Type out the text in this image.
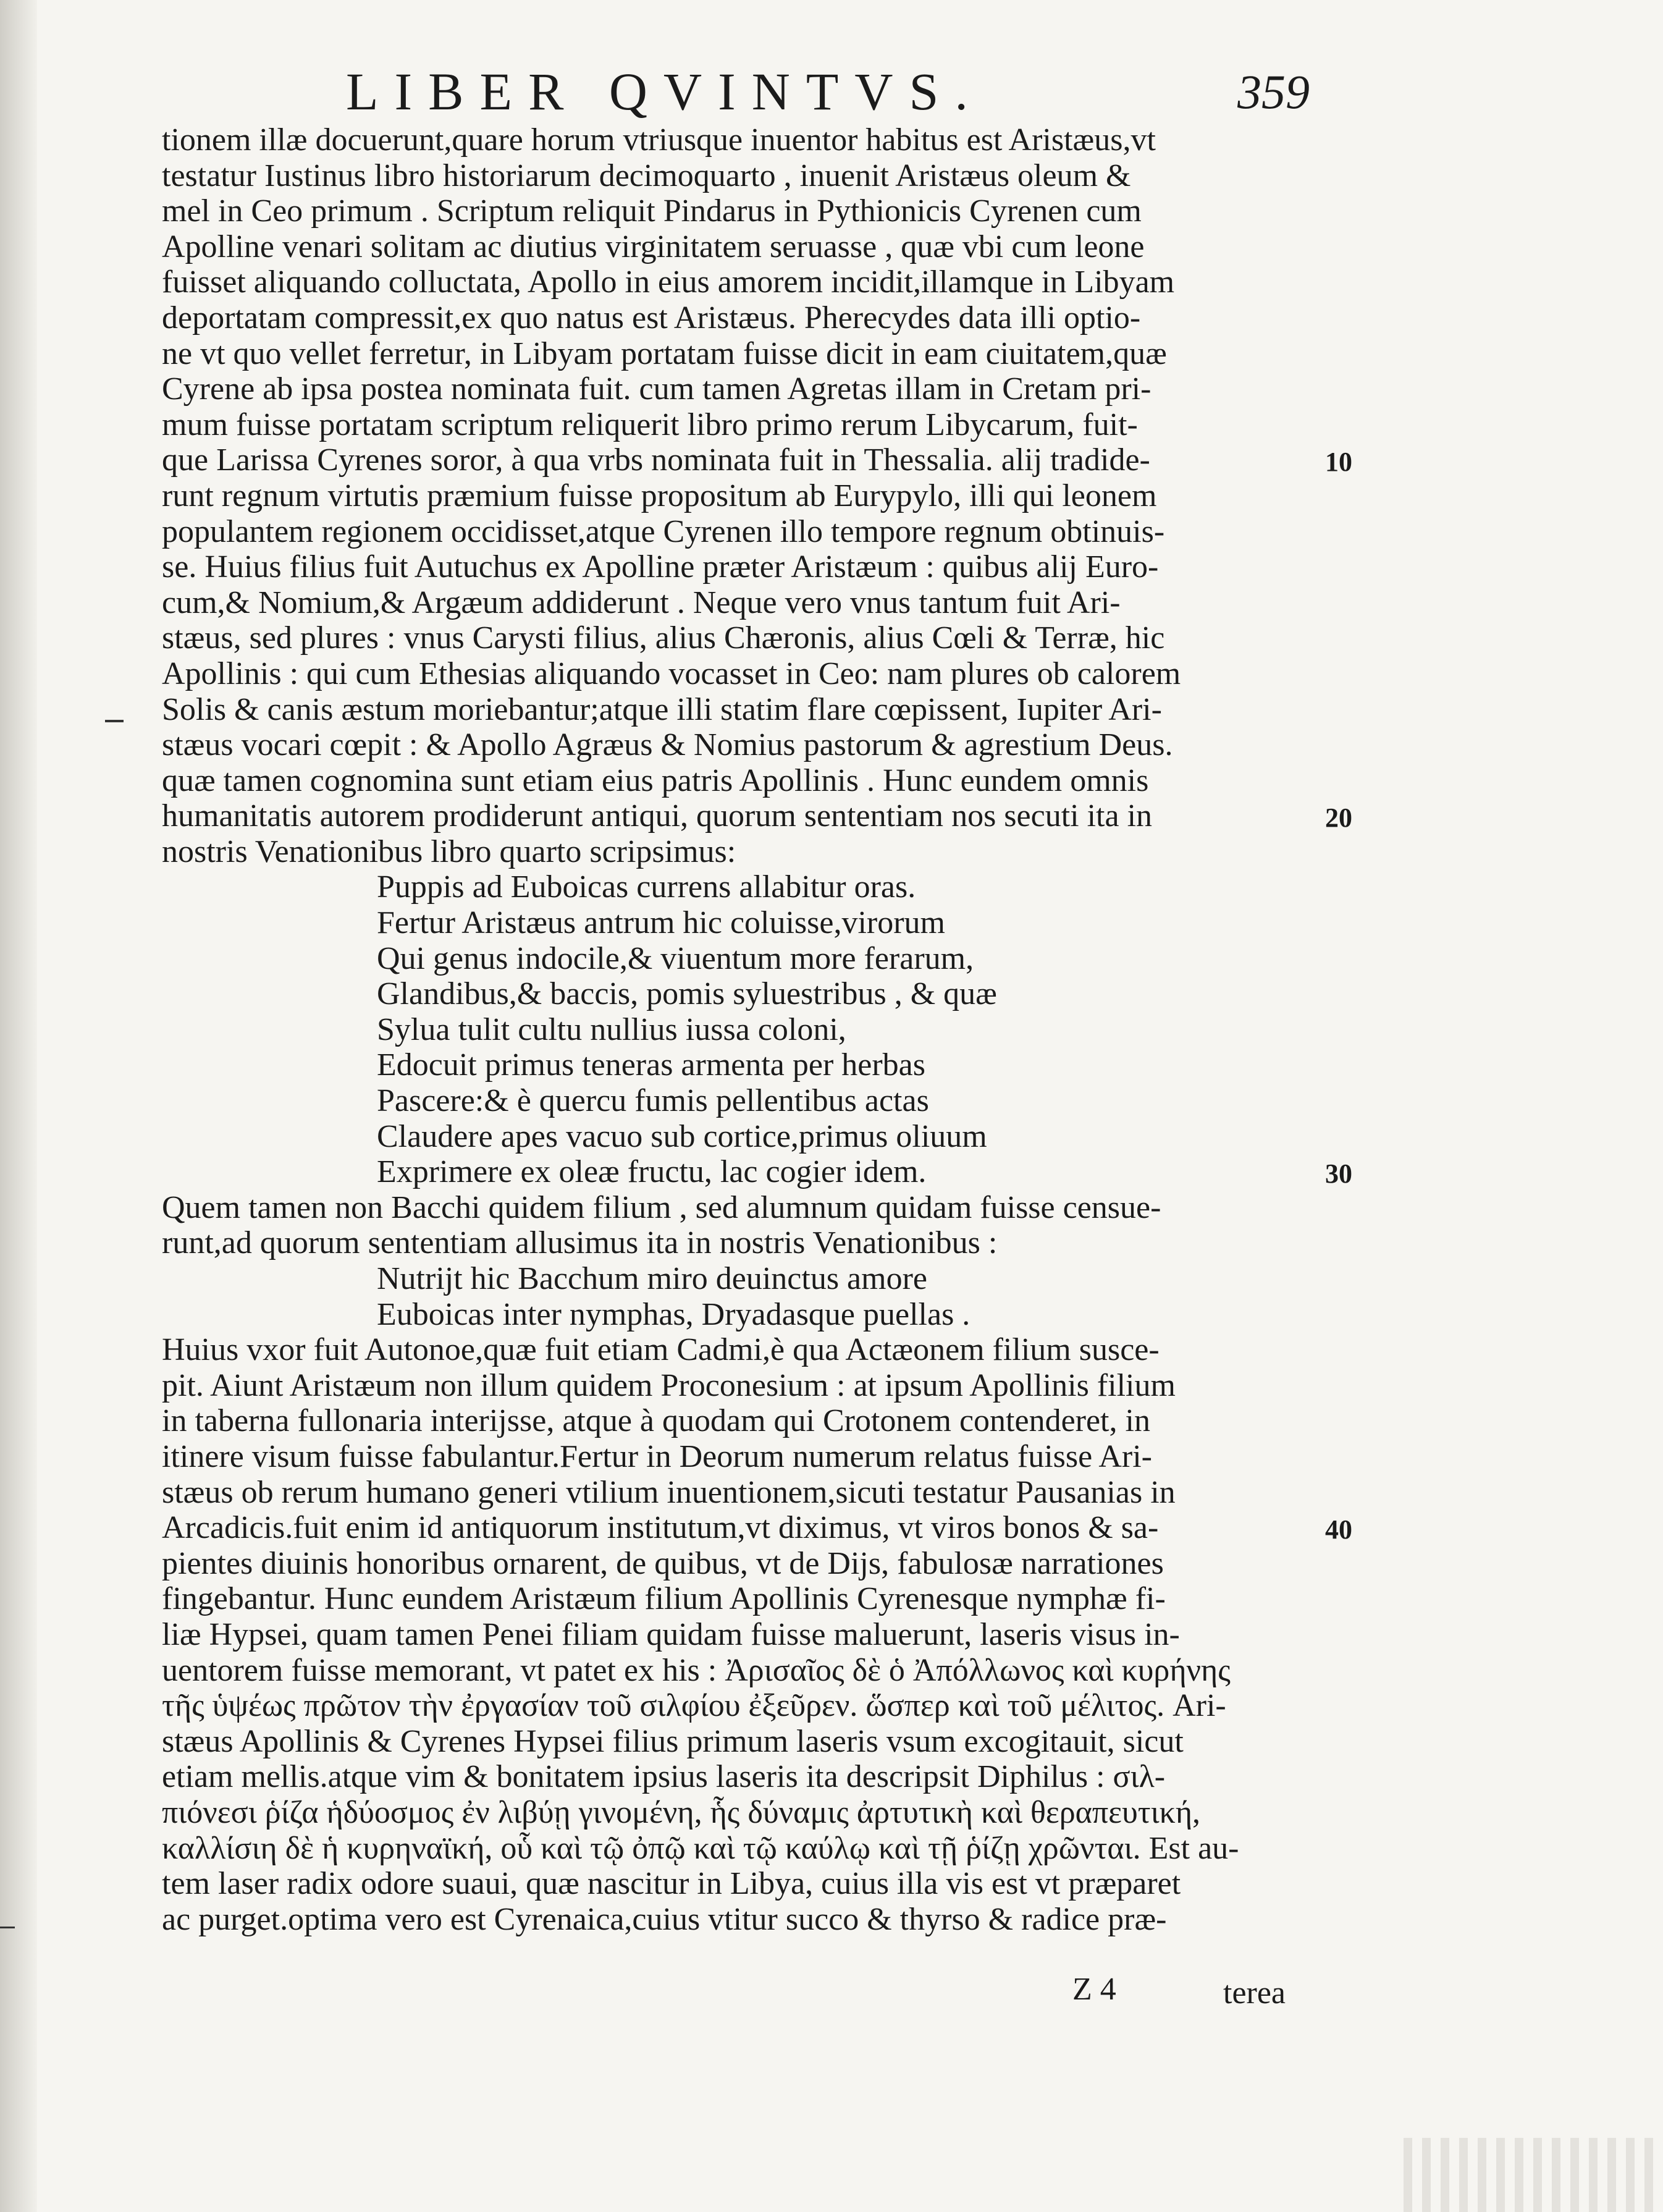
LIBER QVINTVS.	359
tionem illæ docuerunt,quare horum vtriusque inuentor habitus est Aristæus,vt
testatur Iustinus libro historiarum decimoquarto , inuenit Aristæus oleum &
mel in Ceo primum . Scriptum reliquit Pindarus in Pythionicis Cyrenen cum
Apolline venari solitam ac diutius virginitatem seruasse , quæ vbi cum leone
fuisset aliquando colluctata, Apollo in eius amorem incidit,illamque in Libyam
deportatam compressit,ex quo natus est Aristæus. Pherecydes data illi optio-
ne vt quo vellet ferretur, in Libyam portatam fuisse dicit in eam ciuitatem,quæ
Cyrene ab ipsa postea nominata fuit. cum tamen Agretas illam in Cretam pri-
mum fuisse portatam scriptum reliquerit libro primo rerum Libycarum, fuit-
que Larissa Cyrenes soror, à qua vrbs nominata fuit in Thessalia. alij tradide-
runt regnum virtutis præmium fuisse propositum ab Eurypylo, illi qui leonem
populantem regionem occidisset,atque Cyrenen illo tempore regnum obtinuis-
se. Huius filius fuit Autuchus ex Apolline præter Aristæum : quibus alij Euro-
cum,& Nomium,& Argæum addiderunt . Neque vero vnus tantum fuit Ari-
stæus, sed plures : vnus Carysti filius, alius Chæronis, alius Cœli & Terræ, hic
Apollinis : qui cum Ethesias aliquando vocasset in Ceo: nam plures ob calorem
Solis & canis æstum moriebantur;atque illi statim flare cœpissent, Iupiter Ari-
stæus vocari cœpit : & Apollo Agræus & Nomius pastorum & agrestium Deus.
quæ tamen cognomina sunt etiam eius patris Apollinis . Hunc eundem omnis
humanitatis autorem prodiderunt antiqui, quorum sententiam nos secuti ita in
nostris Venationibus libro quarto scripsimus:
Puppis ad Euboicas currens allabitur oras.
Fertur Aristæus antrum hic coluisse,virorum
Qui genus indocile,& viuentum more ferarum,
Glandibus,& baccis, pomis syluestribus , & quæ
Sylua tulit cultu nullius iussa coloni,
Edocuit primus teneras armenta per herbas
Pascere:& è quercu fumis pellentibus actas
Claudere apes vacuo sub cortice,primus oliuum
Exprimere ex oleæ fructu, lac cogier idem.
Quem tamen non Bacchi quidem filium , sed alumnum quidam fuisse censue-
runt,ad quorum sententiam allusimus ita in nostris Venationibus :
Nutrijt hic Bacchum miro deuinctus amore
Euboicas inter nymphas, Dryadasque puellas .
Huius vxor fuit Autonoe,quæ fuit etiam Cadmi,è qua Actæonem filium susce-
pit. Aiunt Aristæum non illum quidem Proconesium : at ipsum Apollinis filium
in taberna fullonaria interijsse, atque à quodam qui Crotonem contenderet, in
itinere visum fuisse fabulantur.Fertur in Deorum numerum relatus fuisse Ari-
stæus ob rerum humano generi vtilium inuentionem,sicuti testatur Pausanias in
Arcadicis.fuit enim id antiquorum institutum,vt diximus, vt viros bonos & sa-
pientes diuinis honoribus ornarent, de quibus, vt de Dijs, fabulosæ narrationes
fingebantur. Hunc eundem Aristæum filium Apollinis Cyrenesque nymphæ fi-
liæ Hypsei, quam tamen Penei filiam quidam fuisse maluerunt, laseris visus in-
uentorem fuisse memorant, vt patet ex his : Ἀρισαῖος δὲ ὁ Ἀπόλλωνος καὶ κυρήνης
τῆς ὑψέως πρῶτον τὴν ἐργασίαν τοῦ σιλφίου ἐξεῦρεν. ὥσπερ καὶ τοῦ μέλιτος. Ari-
stæus Apollinis & Cyrenes Hypsei filius primum laseris vsum excogitauit, sicut
etiam mellis.atque vim & bonitatem ipsius laseris ita descripsit Diphilus : σιλ-
πιόνεσι ῥίζα ἡδύοσμος ἐν λιβύῃ γινομένη, ἧς δύναμις ἀρτυτικὴ καὶ θεραπευτική,
καλλίσιη δὲ ἡ κυρηναϊκή, οὗ καὶ τῷ ὀπῷ καὶ τῷ καύλῳ καὶ τῇ ῥίζῃ χρῶνται. Est au-
tem laser radix odore suaui, quæ nascitur in Libya, cuius illa vis est vt præparet
ac purget.optima vero est Cyrenaica,cuius vtitur succo & thyrso & radice præ-
10
20
30
40
Z 4	terea
